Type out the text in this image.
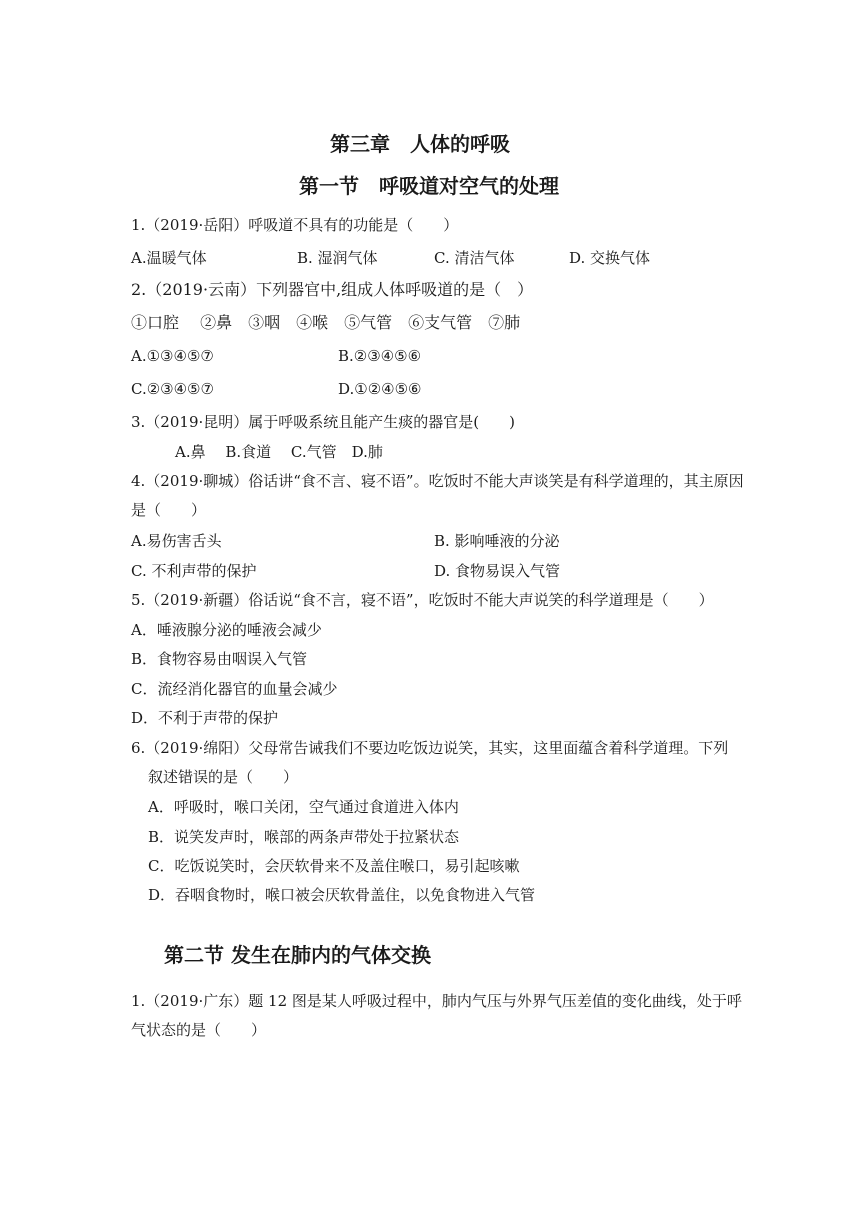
第三章　人体的呼吸
第一节　呼吸道对空气的处理
1.（2019·岳阳）呼吸道不具有的功能是（　　）
A.温暖气体	B. 湿润气体	C. 清洁气体	D. 交换气体
2.（2019·云南）下列器官中,组成人体呼吸道的是（　）
①口腔　 ②鼻　③咽　④喉　⑤气管　⑥支气管　⑦肺
A.①③④⑤⑦	B.②③④⑤⑥
C.②③④⑤⑦	D.①②④⑤⑥
3.（2019·昆明）属于呼吸系统且能产生痰的器官是(　　)
A.鼻　 B.食道　 C.气管　D.肺
4.（2019·聊城）俗话讲“食不言、寝不语”。吃饭时不能大声谈笑是有科学道理的，其主原因
是（　　）
A.易伤害舌头	B. 影响唾液的分泌
C. 不利声带的保护	D. 食物易误入气管
5.（2019·新疆）俗话说“食不言，寝不语”，吃饭时不能大声说笑的科学道理是（　　）
A．唾液腺分泌的唾液会减少
B．食物容易由咽误入气管
C．流经消化器官的血量会减少
D．不利于声带的保护
6.（2019·绵阳）父母常告诫我们不要边吃饭边说笑，其实，这里面蕴含着科学道理。下列
叙述错误的是（　　）
A．呼吸时，喉口关闭，空气通过食道进入体内
B．说笑发声时，喉部的两条声带处于拉紧状态
C．吃饭说笑时，会厌软骨来不及盖住喉口，易引起咳嗽
D．吞咽食物时，喉口被会厌软骨盖住，以免食物进入气管
第二节 发生在肺内的气体交换
1.（2019·广东）题 12 图是某人呼吸过程中，肺内气压与外界气压差值的变化曲线，处于呼
气状态的是（　　）
